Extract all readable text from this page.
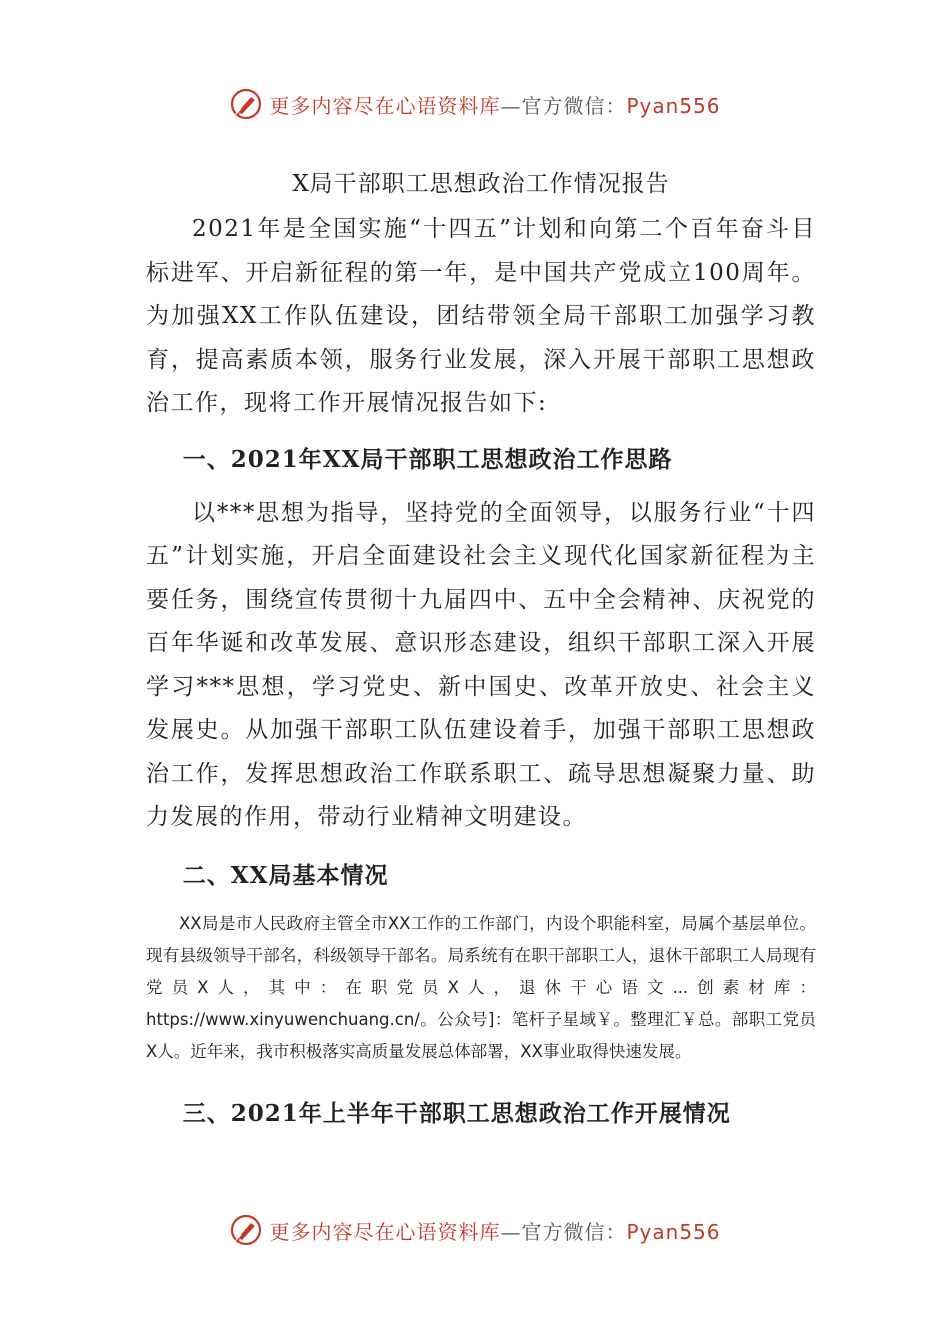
更多内容尽在心语资料库—官方微信：Pyan556

X局干部职工思想政治工作情况报告

2021年是全国实施“十四五”计划和向第二个百年奋斗目标进军、开启新征程的第一年，是中国共产党成立100周年。为加强XX工作队伍建设，团结带领全局干部职工加强学习教育，提高素质本领，服务行业发展，深入开展干部职工思想政治工作，现将工作开展情况报告如下:

一、2021年XX局干部职工思想政治工作思路

以***思想为指导，坚持党的全面领导，以服务行业“十四五”计划实施，开启全面建设社会主义现代化国家新征程为主要任务，围绕宣传贯彻十九届四中、五中全会精神、庆祝党的百年华诞和改革发展、意识形态建设，组织干部职工深入开展学习***思想，学习党史、新中国史、改革开放史、社会主义发展史。从加强干部职工队伍建设着手，加强干部职工思想政治工作，发挥思想政治工作联系职工、疏导思想凝聚力量、助力发展的作用，带动行业精神文明建设。

二、XX局基本情况

XX局是市人民政府主管全市XX工作的工作部门，内设个职能科室，局属个基层单位。现有县级领导干部名，科级领导干部名。局系统有在职干部职工人，退休干部职工人局现有党员X人，其中：在职党员X人，退休干心语文...创素材库：https://www.xinyuwenchuang.cn/。公众号]：笔杆子星域￥。整理汇￥总。部职工党员X人。近年来，我市积极落实高质量发展总体部署，XX事业取得快速发展。

三、2021年上半年干部职工思想政治工作开展情况

更多内容尽在心语资料库—官方微信：Pyan556
